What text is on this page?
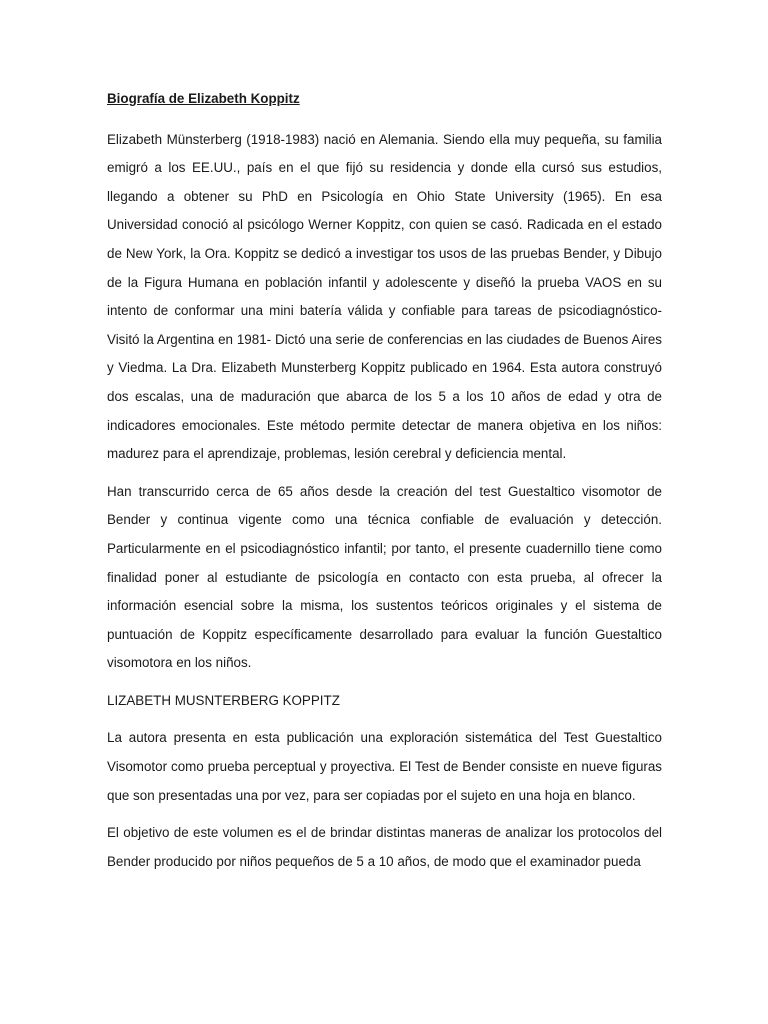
Biografía de Elizabeth Koppitz

Elizabeth Münsterberg (1918-1983) nació en Alemania. Siendo ella muy pequeña, su familia emigró a los EE.UU., país en el que fijó su residencia y donde ella cursó sus estudios, llegando a obtener su PhD en Psicología en Ohio State University (1965). En esa Universidad conoció al psicólogo Werner Koppitz, con quien se casó. Radicada en el estado de New York, la Ora. Koppitz se dedicó a investigar tos usos de las pruebas Bender, y Dibujo de la Figura Humana en población infantil y adolescente y diseñó la prueba VAOS en su intento de conformar una mini batería válida y confiable para tareas de psicodiagnóstico- Visitó la Argentina en 1981- Dictó una serie de conferencias en las ciudades de Buenos Aires y Viedma. La Dra. Elizabeth Munsterberg Koppitz publicado en 1964. Esta autora construyó dos escalas, una de maduración que abarca de los 5 a los 10 años de edad y otra de indicadores emocionales. Este método permite detectar de manera objetiva en los niños: madurez para el aprendizaje, problemas, lesión cerebral y deficiencia mental.

Han transcurrido cerca de 65 años desde la creación del test Guestaltico visomotor de Bender y continua vigente como una técnica confiable de evaluación y detección. Particularmente en el psicodiagnóstico infantil; por tanto, el presente cuadernillo tiene como finalidad poner al estudiante de psicología en contacto con esta prueba, al ofrecer la información esencial sobre la misma, los sustentos teóricos originales y el sistema de puntuación de Koppitz específicamente desarrollado para evaluar la función Guestaltico visomotora en los niños.

LIZABETH MUSNTERBERG KOPPITZ

La autora presenta en esta publicación una exploración sistemática del Test Guestaltico Visomotor como prueba perceptual y proyectiva. El Test de Bender consiste en nueve figuras que son presentadas una por vez, para ser copiadas por el sujeto en una hoja en blanco.

El objetivo de este volumen es el de brindar distintas maneras de analizar los protocolos del Bender producido por niños pequeños de 5 a 10 años, de modo que el examinador pueda
